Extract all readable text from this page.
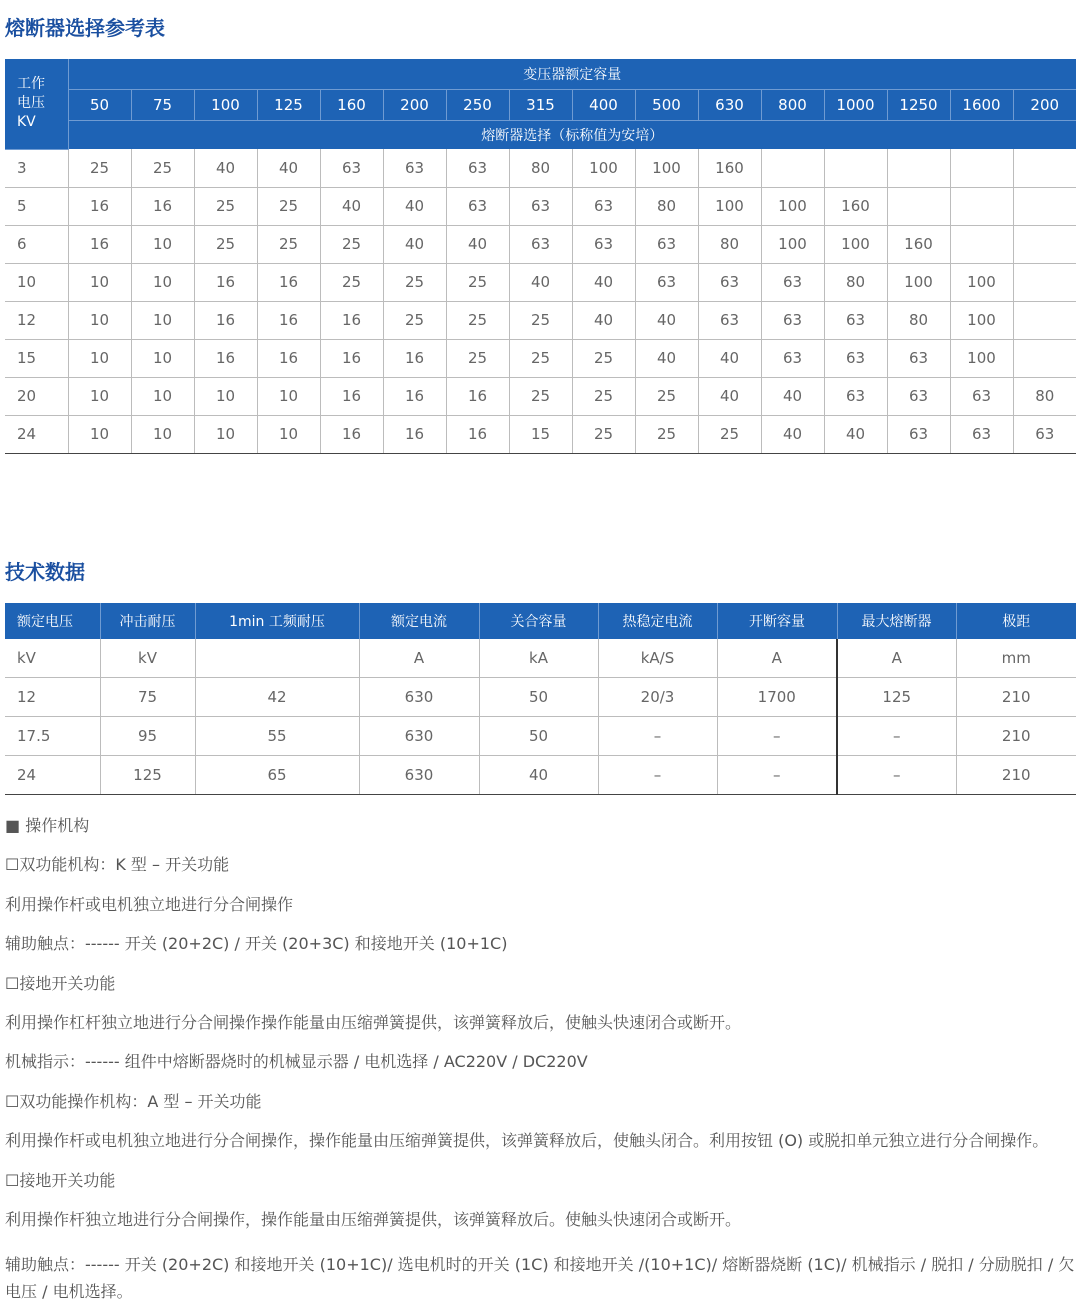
熔断器选择参考表
工作
电压
KV	变压器额定容量															
	50	75	100	125	160	200	250	315	400	500	630	800	1000	1250	1600	200
	熔断器选择（标称值为安培）															
3	25	25	40	40	63	63	63	80	100	100	160					
5	16	16	25	25	40	40	63	63	63	80	100	100	160			
6	16	10	25	25	25	40	40	63	63	63	80	100	100	160		
10	10	10	16	16	25	25	25	40	40	63	63	63	80	100	100	
12	10	10	16	16	16	25	25	25	40	40	63	63	63	80	100	
15	10	10	16	16	16	16	25	25	25	40	40	63	63	63	100	
20	10	10	10	10	16	16	16	25	25	25	40	40	63	63	63	80
24	10	10	10	10	16	16	16	15	25	25	25	40	40	63	63	63
技术数据
额定电压	冲击耐压	1min 工频耐压	额定电流	关合容量	热稳定电流	开断容量	最大熔断器	极距
kV	kV		A	kA	kA/S	A	A	mm
12	75	42	630	50	20/3	1700	125	210
17.5	95	55	630	50	–	–	–	210
24	125	65	630	40	–	–	–	210
■ 操作机构
☐双功能机构：K 型 – 开关功能
利用操作杆或电机独立地进行分合闸操作
辅助触点：------ 开关 (20+2C) / 开关 (20+3C) 和接地开关 (10+1C)
☐接地开关功能
利用操作杠杆独立地进行分合闸操作操作能量由压缩弹簧提供，该弹簧释放后，使触头快速闭合或断开。
机械指示：------ 组件中熔断器烧时的机械显示器 / 电机选择 / AC220V / DC220V
☐双功能操作机构：A 型 – 开关功能
利用操作杆或电机独立地进行分合闸操作，操作能量由压缩弹簧提供，该弹簧释放后，使触头闭合。利用按钮 (O) 或脱扣单元独立进行分合闸操作。
☐接地开关功能
利用操作杆独立地进行分合闸操作，操作能量由压缩弹簧提供，该弹簧释放后。使触头快速闭合或断开。
辅助触点：------ 开关 (20+2C) 和接地开关 (10+1C)/ 选电机时的开关 (1C) 和接地开关 /(10+1C)/ 熔断器烧断 (1C)/ 机械指示 / 脱扣 / 分励脱扣 / 欠电压 / 电机选择。
